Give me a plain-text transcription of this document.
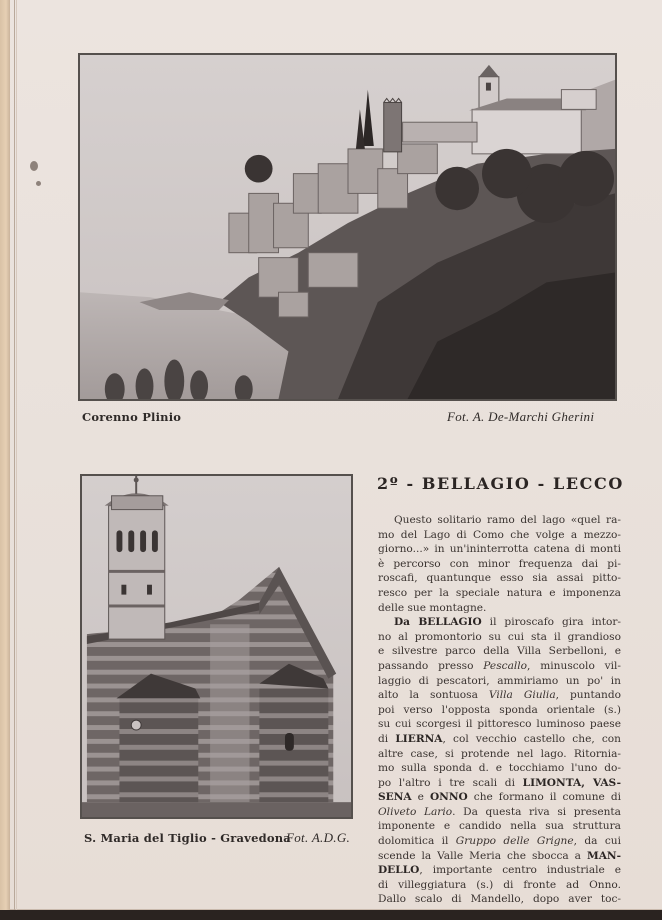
Corenno Plinio	Fot. A. De-Marchi Gherini
S. Maria del Tiglio - Gravedona
Fot. A.D.G.
2º - BELLAGIO - LECCO
Questo solitario ramo del lago «quel ra-
mo del Lago di Como che volge a mezzo-
giorno...» in un'ininterrotta catena di monti
è percorso con minor frequenza dai pi-
roscafi, quantunque esso sia assai pitto-
resco per la speciale natura e imponenza
delle sue montagne.
Da BELLAGIO il piroscafo gira intor-
no al promontorio su cui sta il grandioso
e silvestre parco della Villa Serbelloni, e
passando presso Pescallo, minuscolo vil-
laggio di pescatori, ammiriamo un po' in
alto la sontuosa Villa Giulia, puntando
poi verso l'opposta sponda orientale (s.)
su cui scorgesi il pittoresco luminoso paese
di LIERNA, col vecchio castello che, con
altre case, si protende nel lago. Ritornia-
mo sulla sponda d. e tocchiamo l'uno do-
po l'altro i tre scali di LIMONTA, VAS-
SENA e ONNO che formano il comune di
Oliveto Lario. Da questa riva si presenta
imponente e candido nella sua struttura
dolomitica il Gruppo delle Grigne, da cui
scende la Valle Meria che sbocca a MAN-
DELLO, importante centro industriale e
di villeggiatura (s.) di fronte ad Onno.
Dallo scalo di Mandello, dopo aver toc-
